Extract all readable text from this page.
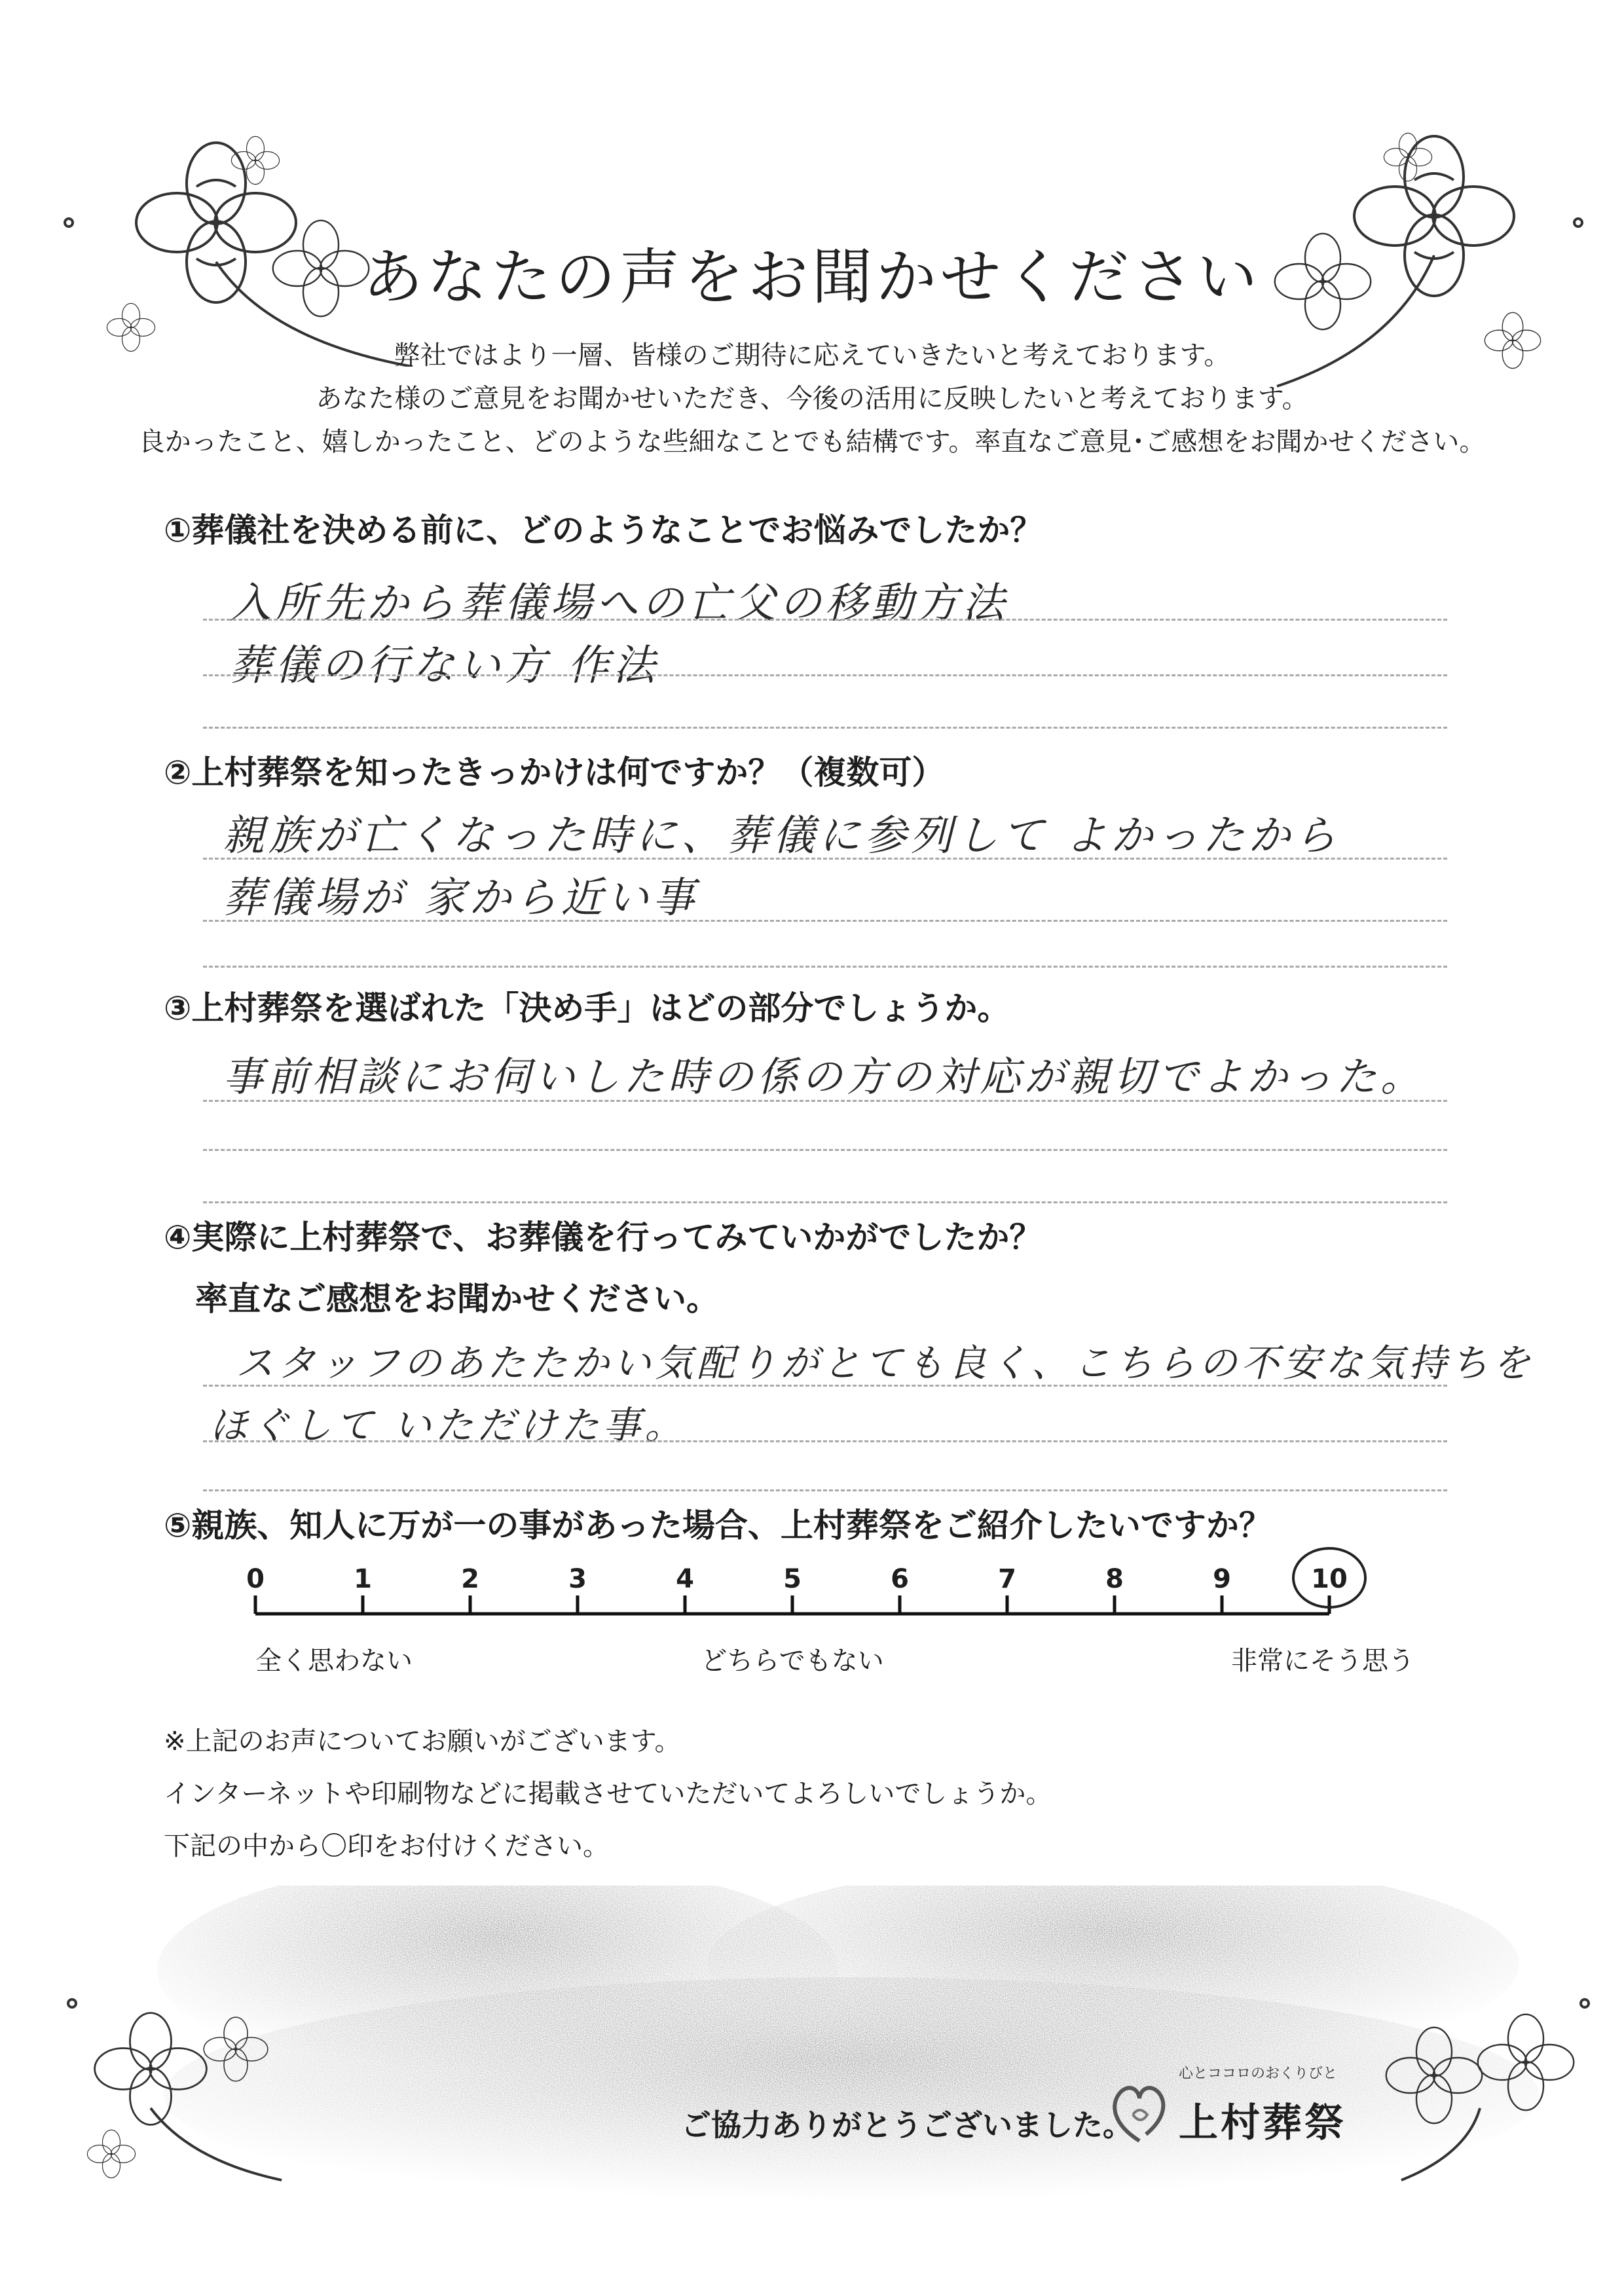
あなたの声をお聞かせください
弊社ではより一層、皆様のご期待に応えていきたいと考えております。
あなた様のご意見をお聞かせいただき、今後の活用に反映したいと考えております。
良かったこと、嬉しかったこと、どのような些細なことでも結構です。率直なご意見･ご感想をお聞かせください。
①葬儀社を決める前に、どのようなことでお悩みでしたか？
入所先から葬儀場への亡父の移動方法
葬儀の行ない方 作法
②上村葬祭を知ったきっかけは何ですか？（複数可）
親族が亡くなった時に、葬儀に参列して よかったから
葬儀場が 家から近い事
③上村葬祭を選ばれた「決め手」はどの部分でしょうか。
事前相談にお伺いした時の係の方の対応が親切でよかった。
④実際に上村葬祭で、お葬儀を行ってみていかがでしたか？
率直なご感想をお聞かせください。
スタッフのあたたかい気配りがとても良く、こちらの不安な気持ちを
ほぐして いただけた事。
⑤親族、知人に万が一の事があった場合、上村葬祭をご紹介したいですか？
0	1	2	3	4	5	6	7	8	9	10
全く思わない	どちらでもない	非常にそう思う
※上記のお声についてお願いがございます。
インターネットや印刷物などに掲載させていただいてよろしいでしょうか。
下記の中から〇印をお付けください。
ご協力ありがとうございました。
心とココロのおくりびと
上村葬祭
